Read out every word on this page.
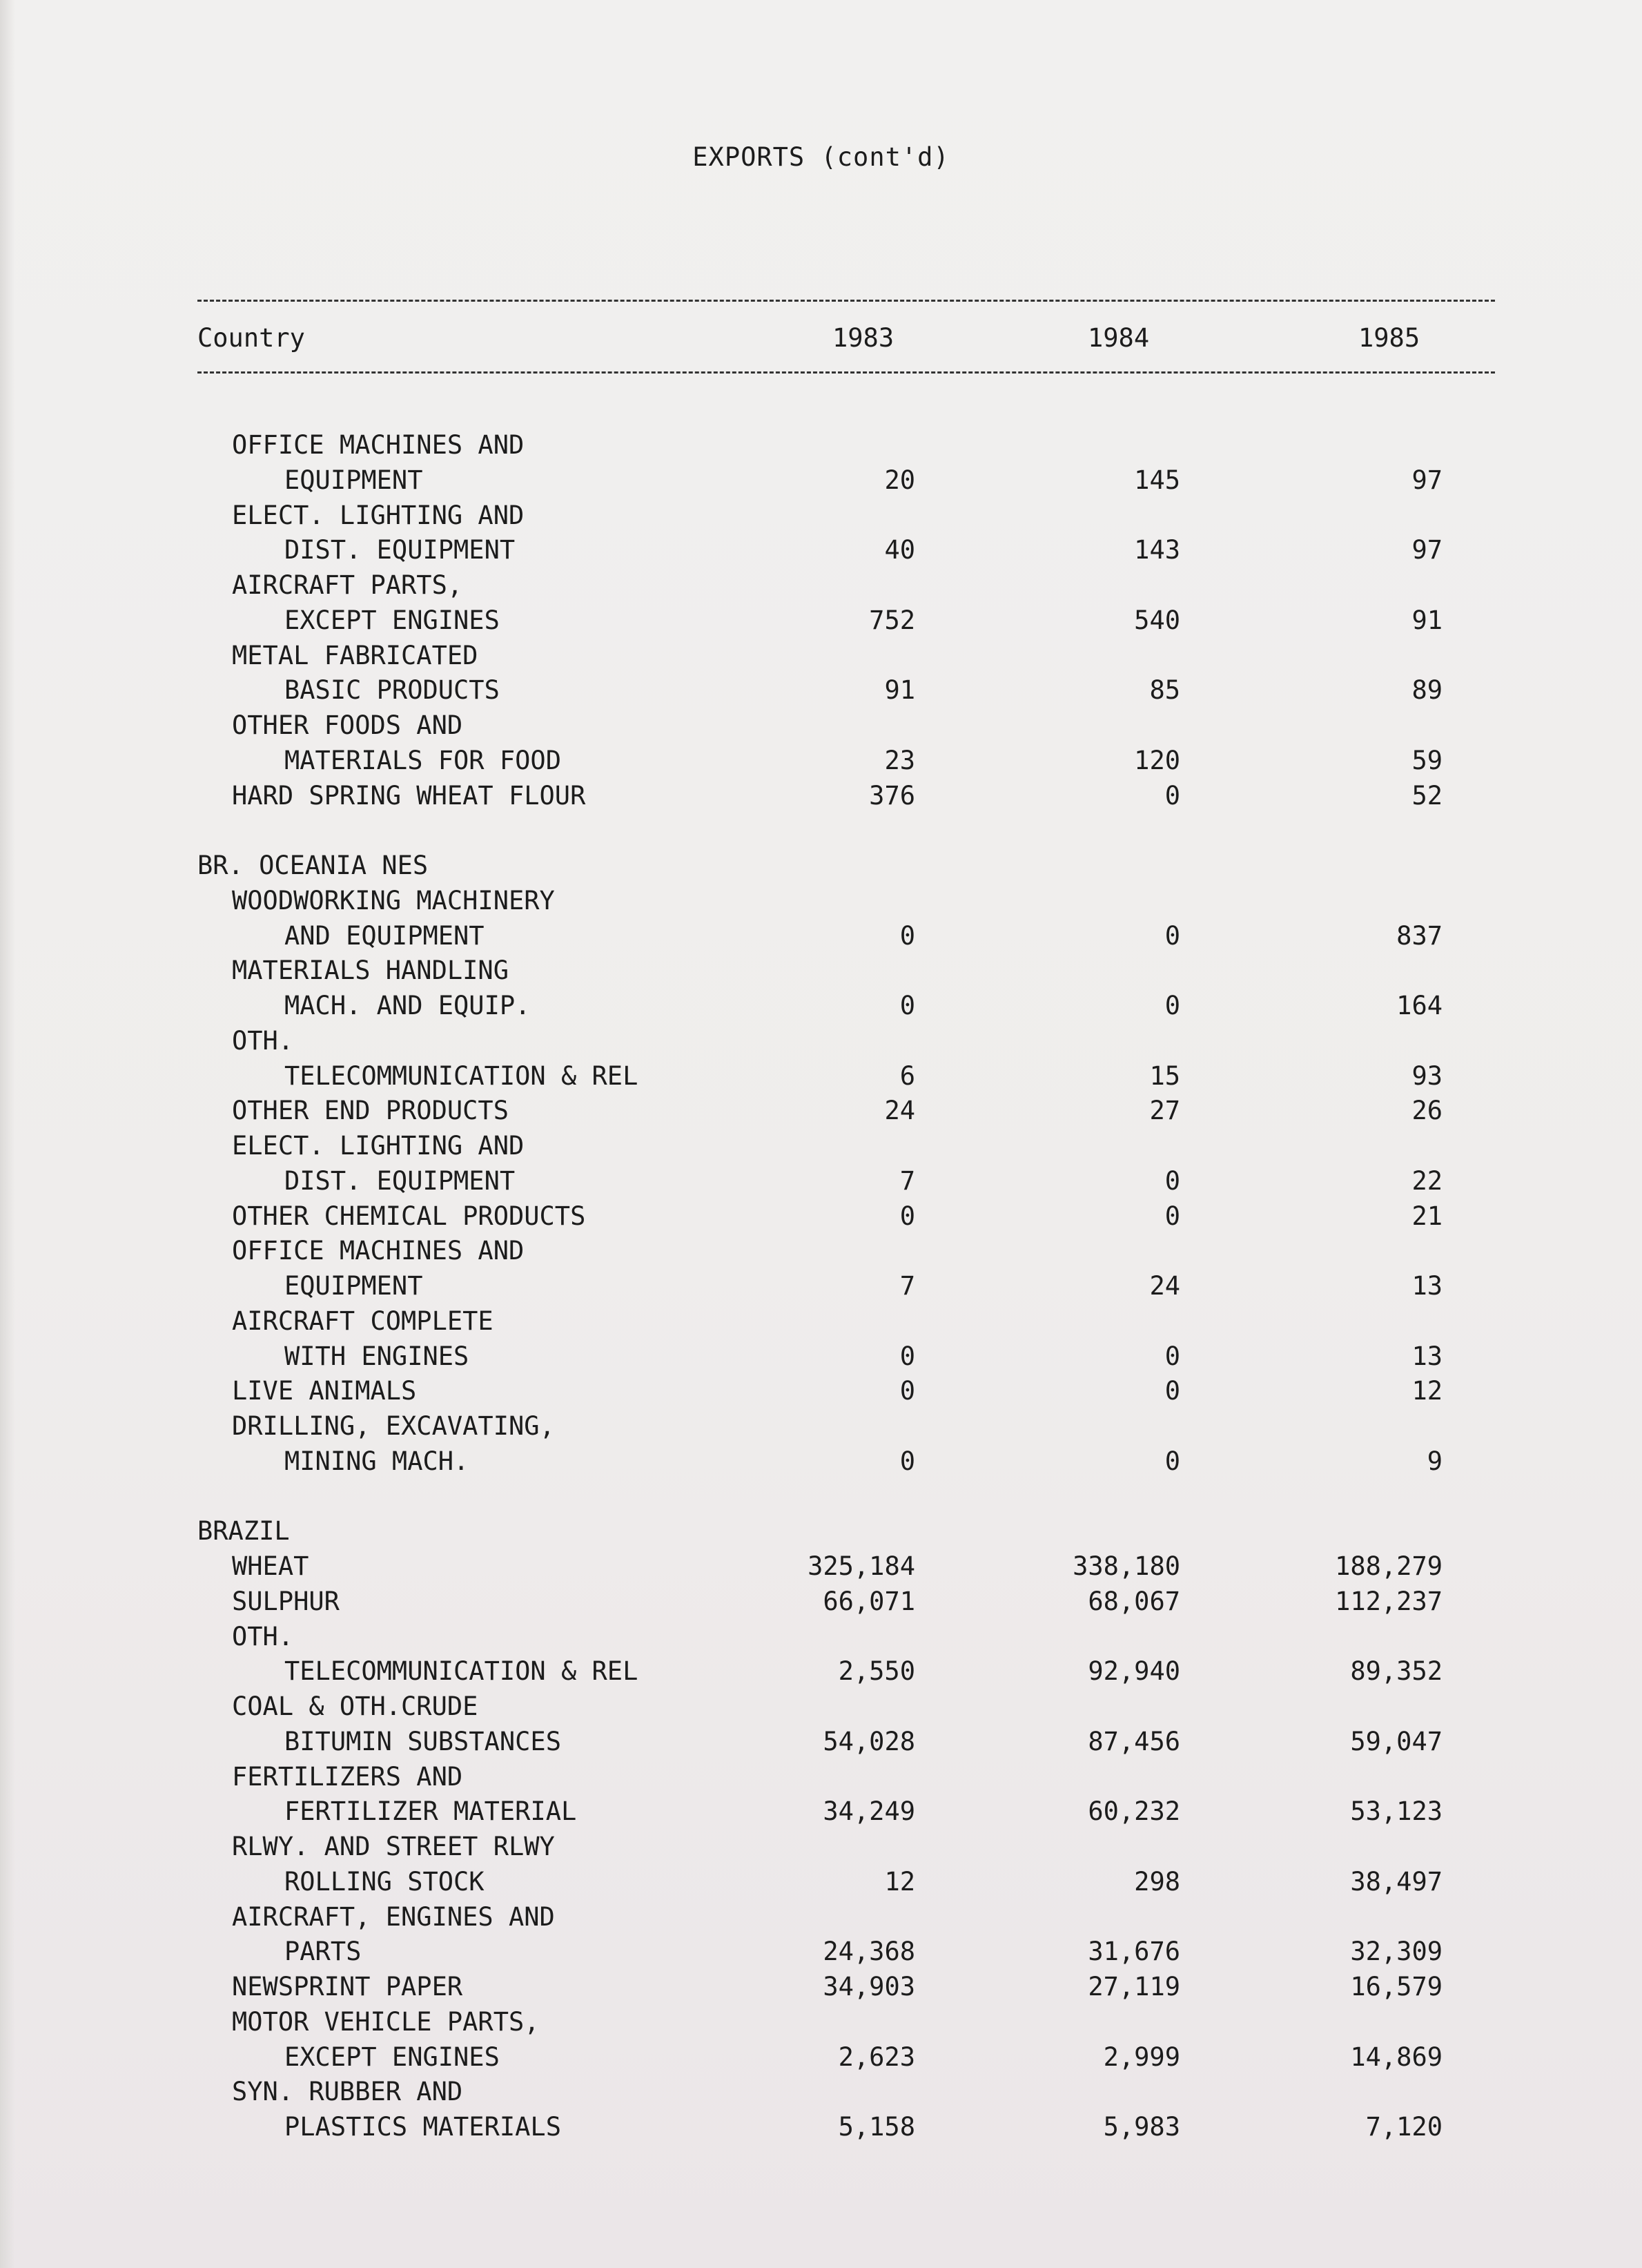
EXPORTS (cont'd)
Country	1983	1984	1985
OFFICE MACHINES AND
EQUIPMENT	20	145	97
ELECT. LIGHTING AND
DIST. EQUIPMENT	40	143	97
AIRCRAFT PARTS,
EXCEPT ENGINES	752	540	91
METAL FABRICATED
BASIC PRODUCTS	91	85	89
OTHER FOODS AND
MATERIALS FOR FOOD	23	120	59
HARD SPRING WHEAT FLOUR	376	0	52
BR. OCEANIA NES
WOODWORKING MACHINERY
AND EQUIPMENT	0	0	837
MATERIALS HANDLING
MACH. AND EQUIP.	0	0	164
OTH.
TELECOMMUNICATION & REL	6	15	93
OTHER END PRODUCTS	24	27	26
ELECT. LIGHTING AND
DIST. EQUIPMENT	7	0	22
OTHER CHEMICAL PRODUCTS	0	0	21
OFFICE MACHINES AND
EQUIPMENT	7	24	13
AIRCRAFT COMPLETE
WITH ENGINES	0	0	13
LIVE ANIMALS	0	0	12
DRILLING, EXCAVATING,
MINING MACH.	0	0	9
BRAZIL
WHEAT	325,184	338,180	188,279
SULPHUR	66,071	68,067	112,237
OTH.
TELECOMMUNICATION & REL	2,550	92,940	89,352
COAL & OTH.CRUDE
BITUMIN SUBSTANCES	54,028	87,456	59,047
FERTILIZERS AND
FERTILIZER MATERIAL	34,249	60,232	53,123
RLWY. AND STREET RLWY
ROLLING STOCK	12	298	38,497
AIRCRAFT, ENGINES AND
PARTS	24,368	31,676	32,309
NEWSPRINT PAPER	34,903	27,119	16,579
MOTOR VEHICLE PARTS,
EXCEPT ENGINES	2,623	2,999	14,869
SYN. RUBBER AND
PLASTICS MATERIALS	5,158	5,983	7,120
